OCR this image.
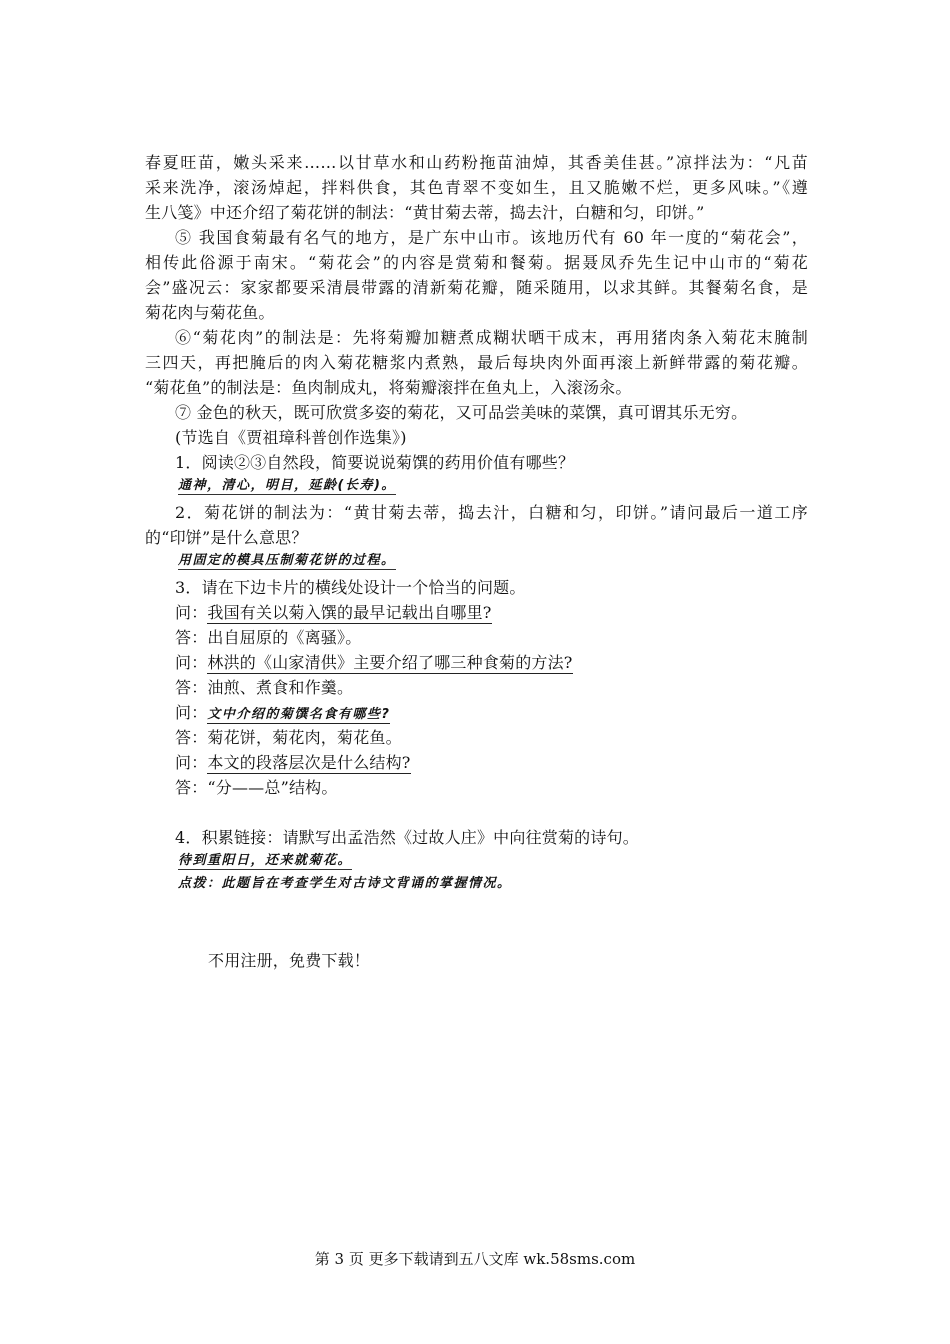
春夏旺苗，嫩头采来……以甘草水和山药粉拖苗油焯，其香美佳甚。”凉拌法为：“凡苗
采来洗净，滚汤焯起，拌料供食，其色青翠不变如生，且又脆嫩不烂，更多风味。”《遵
生八笺》中还介绍了菊花饼的制法：“黄甘菊去蒂，捣去汁，白糖和匀，印饼。”
⑤ 我国食菊最有名气的地方，是广东中山市。该地历代有 60 年一度的“菊花会”，
相传此俗源于南宋。“菊花会”的内容是赏菊和餐菊。据聂凤乔先生记中山市的“菊花
会”盛况云：家家都要采清晨带露的清新菊花瓣，随采随用，以求其鲜。其餐菊名食，是
菊花肉与菊花鱼。
⑥“菊花肉”的制法是：先将菊瓣加糖煮成糊状晒干成末，再用猪肉条入菊花末腌制
三四天，再把腌后的肉入菊花糖浆内煮熟，最后每块肉外面再滚上新鲜带露的菊花瓣。
“菊花鱼”的制法是：鱼肉制成丸，将菊瓣滚拌在鱼丸上，入滚汤汆。
⑦ 金色的秋天，既可欣赏多姿的菊花，又可品尝美味的菜馔，真可谓其乐无穷。
(节选自《贾祖璋科普创作选集》)
1．阅读②③自然段，简要说说菊馔的药用价值有哪些？
通神，清心，明目，延龄(长寿)。
2．菊花饼的制法为：“黄甘菊去蒂，捣去汁，白糖和匀，印饼。”请问最后一道工序
的“印饼”是什么意思？
用固定的模具压制菊花饼的过程。
3．请在下边卡片的横线处设计一个恰当的问题。
问：我国有关以菊入馔的最早记载出自哪里?
答：出自屈原的《离骚》。
问：林洪的《山家清供》主要介绍了哪三种食菊的方法?
答：油煎、煮食和作羹。
问：文中介绍的菊馔名食有哪些?
答：菊花饼，菊花肉，菊花鱼。
问：本文的段落层次是什么结构?
答：“分——总”结构。
4．积累链接：请默写出孟浩然《过故人庄》中向往赏菊的诗句。
待到重阳日，还来就菊花。
点拨：此题旨在考查学生对古诗文背诵的掌握情况。
不用注册，免费下载！
第 3 页 更多下载请到五八文库 wk.58sms.com
